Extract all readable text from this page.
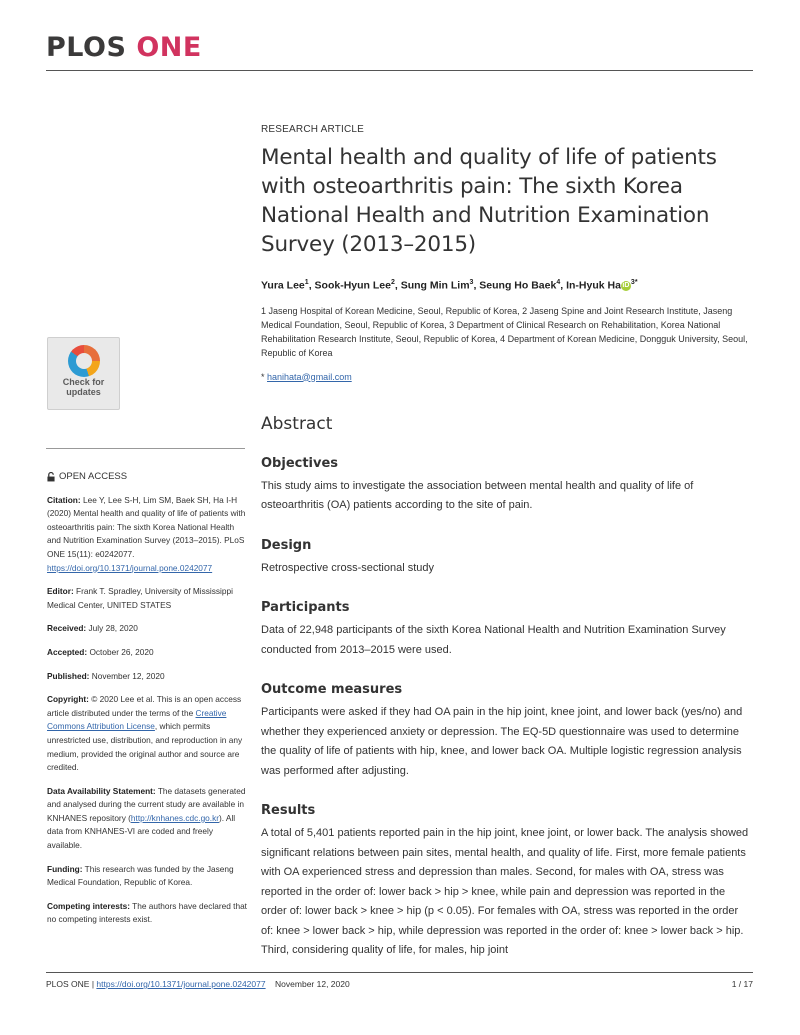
PLOS ONE
Check for
updates
RESEARCH ARTICLE
Mental health and quality of life of patients with osteoarthritis pain: The sixth Korea National Health and Nutrition Examination Survey (2013–2015)
Yura Lee$^1$, Sook-Hyun Lee$^2$, Sung Min Lim$^3$, Seung Ho Baek$^4$, In-Hyuk Ha iD $^{3*}$
1 Jaseng Hospital of Korean Medicine, Seoul, Republic of Korea, 2 Jaseng Spine and Joint Research Institute, Jaseng Medical Foundation, Seoul, Republic of Korea, 3 Department of Clinical Research on Rehabilitation, Korea National Rehabilitation Research Institute, Seoul, Republic of Korea, 4 Department of Korean Medicine, Dongguk University, Seoul, Republic of Korea
* hanihata@gmail.com
Abstract
Objectives
This study aims to investigate the association between mental health and quality of life of osteoarthritis (OA) patients according to the site of pain.
Design
Retrospective cross-sectional study
Participants
Data of 22,948 participants of the sixth Korea National Health and Nutrition Examination Survey conducted from 2013–2015 were used.
Outcome measures
Participants were asked if they had OA pain in the hip joint, knee joint, and lower back (yes/no) and whether they experienced anxiety or depression. The EQ-5D questionnaire was used to determine the quality of life of patients with hip, knee, and lower back OA. Multiple logistic regression analysis was performed after adjusting.
Results
A total of 5,401 patients reported pain in the hip joint, knee joint, or lower back. The analysis showed significant relations between pain sites, mental health, and quality of life. First, more female patients with OA experienced stress and depression than males. Second, for males with OA, stress was reported in the order of: lower back > hip > knee, while pain and depression was reported in the order of: lower back > knee > hip (p < 0.05). For females with OA, stress was reported in the order of: knee > lower back > hip, while depression was reported in the order of: knee > lower back > hip. Third, considering quality of life, for males, hip joint
OPEN ACCESS

Citation: Lee Y, Lee S-H, Lim SM, Baek SH, Ha I-H (2020) Mental health and quality of life of patients with osteoarthritis pain: The sixth Korea National Health and Nutrition Examination Survey (2013–2015). PLoS ONE 15(11): e0242077. https://doi.org/10.1371/journal.pone.0242077

Editor: Frank T. Spradley, University of Mississippi Medical Center, UNITED STATES

Received: July 28, 2020

Accepted: October 26, 2020

Published: November 12, 2020

Copyright: © 2020 Lee et al. This is an open access article distributed under the terms of the Creative Commons Attribution License, which permits unrestricted use, distribution, and reproduction in any medium, provided the original author and source are credited.

Data Availability Statement: The datasets generated and analysed during the current study are available in KNHANES repository (http://knhanes.cdc.go.kr). All data from KNHANES-VI are coded and freely available.

Funding: This research was funded by the Jaseng Medical Foundation, Republic of Korea.

Competing interests: The authors have declared that no competing interests exist.

PLOS ONE | https://doi.org/10.1371/journal.pone.0242077 November 12, 2020	1 / 17
